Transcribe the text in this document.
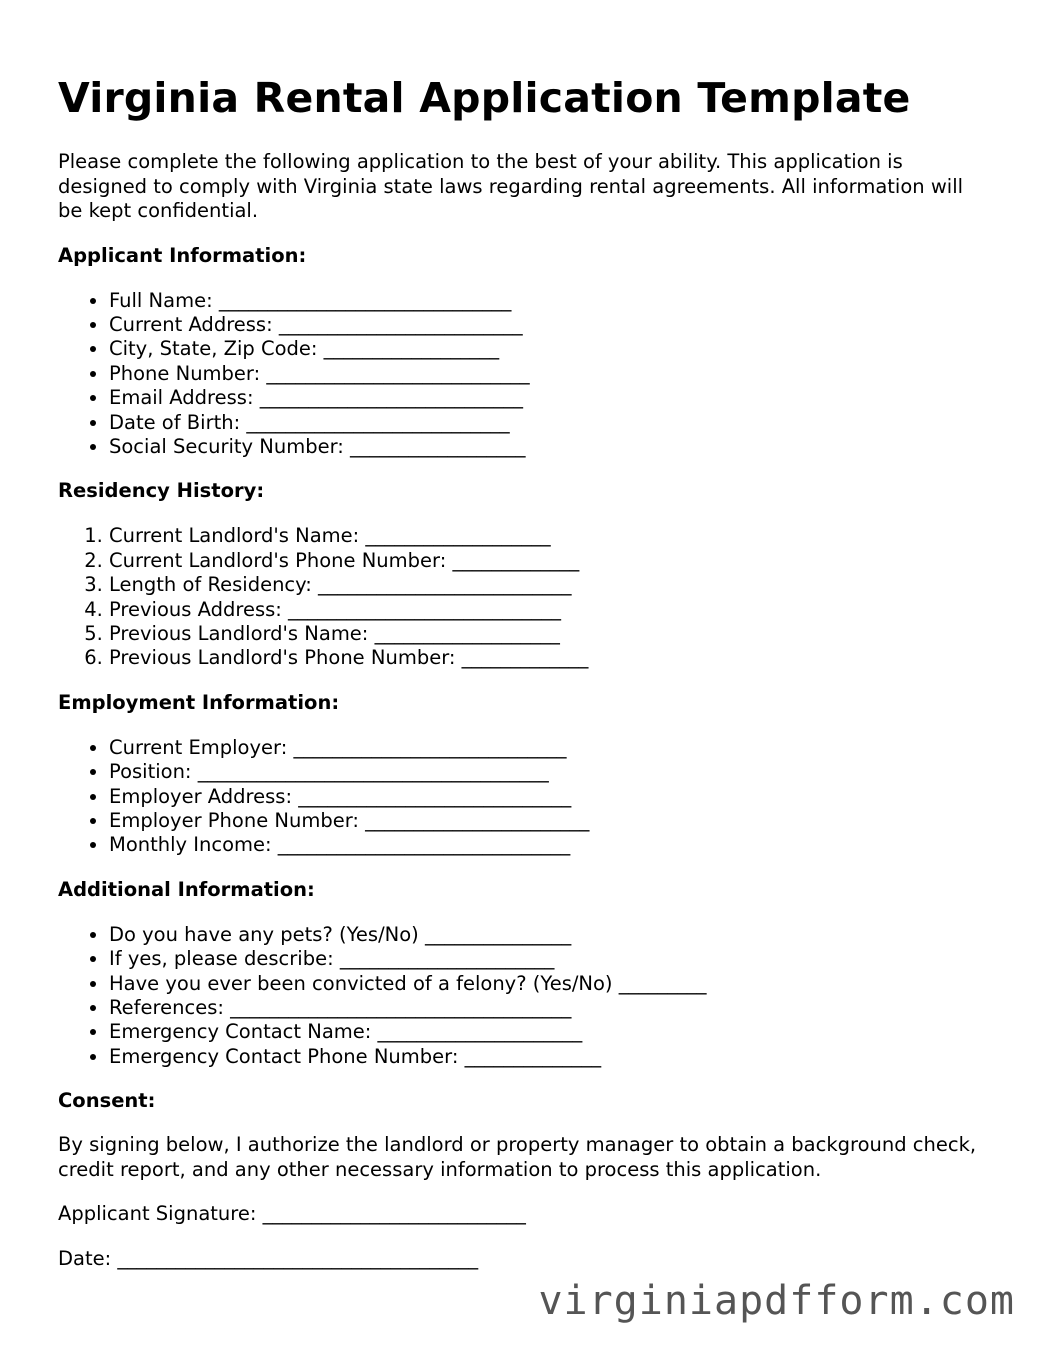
Virginia Rental Application Template

Please complete the following application to the best of your ability. This application is designed to comply with Virginia state laws regarding rental agreements. All information will be kept confidential.

Applicant Information:
• Full Name: ______________________________
• Current Address: _________________________
• City, State, Zip Code: __________________
• Phone Number: ___________________________
• Email Address: ___________________________
• Date of Birth: ___________________________
• Social Security Number: __________________
Residency History:
1. Current Landlord's Name: ___________________
2. Current Landlord's Phone Number: _____________
3. Length of Residency: __________________________
4. Previous Address: ____________________________
5. Previous Landlord's Name: ___________________
6. Previous Landlord's Phone Number: _____________
Employment Information:
• Current Employer: ____________________________
• Position: ____________________________________
• Employer Address: ____________________________
• Employer Phone Number: _______________________
• Monthly Income: ______________________________
Additional Information:
• Do you have any pets? (Yes/No) _______________
• If yes, please describe: ______________________
• Have you ever been convicted of a felony? (Yes/No) _________
• References: ___________________________________
• Emergency Contact Name: _____________________
• Emergency Contact Phone Number: ______________
Consent:

By signing below, I authorize the landlord or property manager to obtain a background check, credit report, and any other necessary information to process this application.

Applicant Signature: ___________________________

Date: _____________________________________

virginiapdfform.com
